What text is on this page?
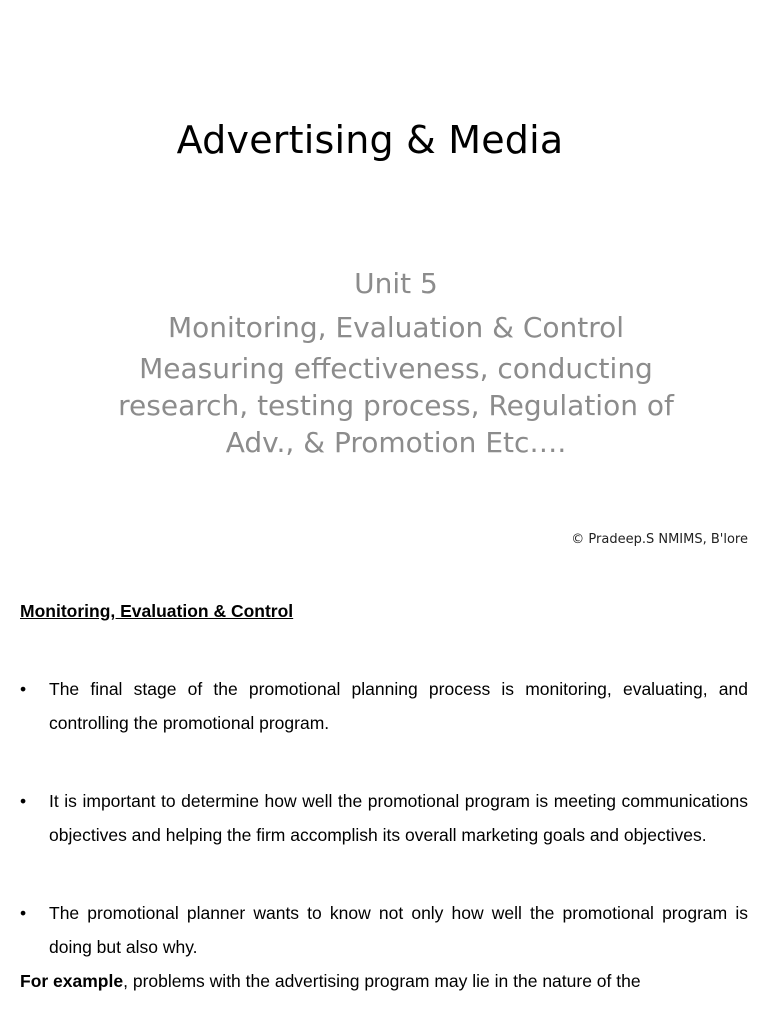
Advertising & Media
Unit 5
Monitoring, Evaluation & Control
Measuring effectiveness, conducting
research, testing process, Regulation of
Adv., & Promotion Etc….
© Pradeep.S NMIMS, B'lore

Monitoring, Evaluation & Control

• The final stage of the promotional planning process is monitoring, evaluating, and controlling the promotional program.
• It is important to determine how well the promotional program is meeting communications objectives and helping the firm accomplish its overall marketing goals and objectives.
• The promotional planner wants to know not only how well the promotional program is doing but also why.

For example, problems with the advertising program may lie in the nature of the
